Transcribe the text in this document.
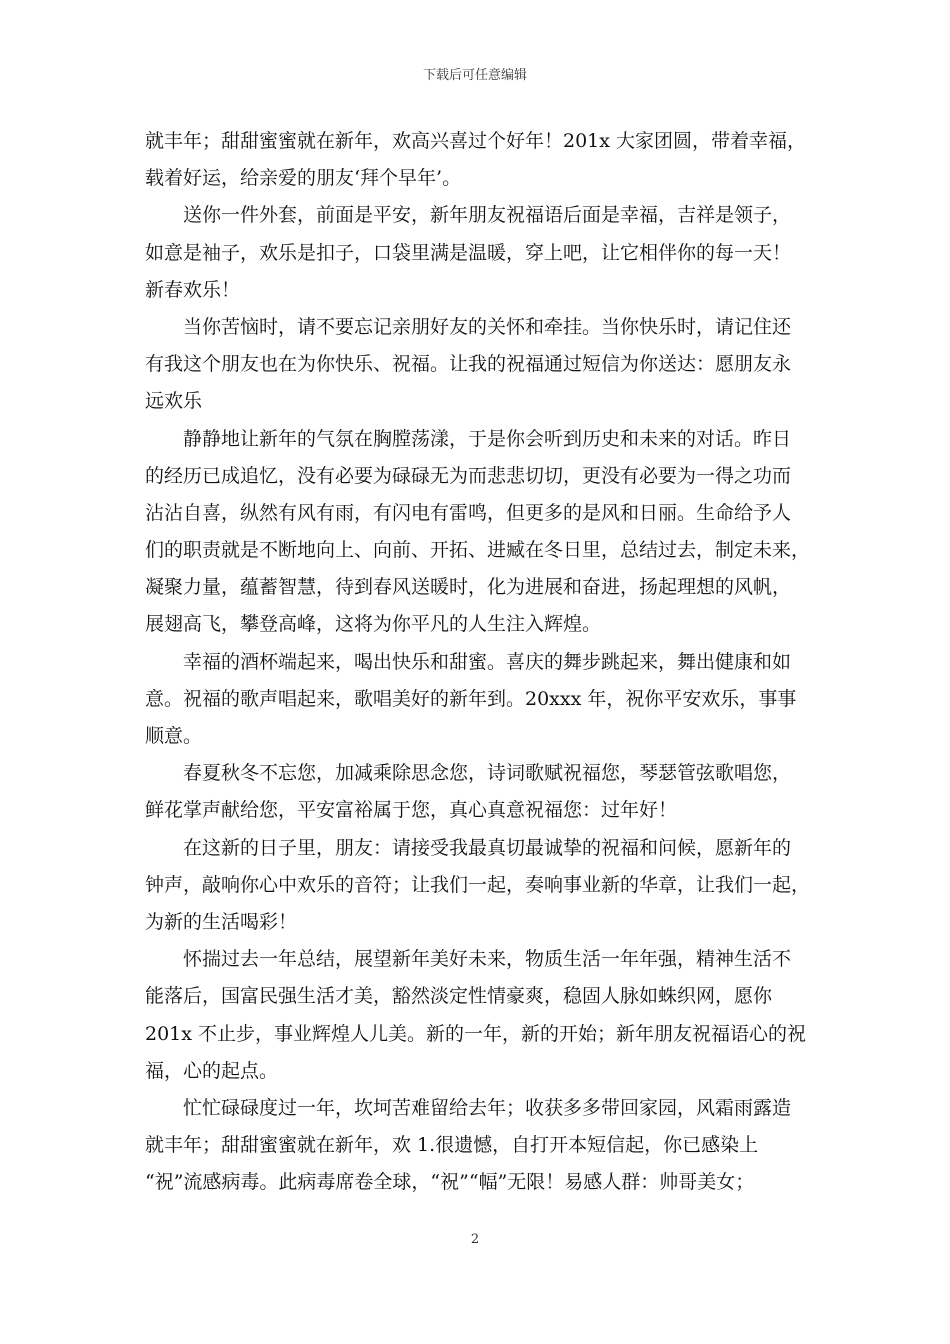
下载后可任意编辑
就丰年；甜甜蜜蜜就在新年，欢高兴喜过个好年！201x 大家团圆，带着幸福，
载着好运，给亲爱的朋友‘拜个早年’。
送你一件外套，前面是平安，新年朋友祝福语后面是幸福，吉祥是领子，
如意是袖子，欢乐是扣子，口袋里满是温暖，穿上吧，让它相伴你的每一天！
新春欢乐！
当你苦恼时，请不要忘记亲朋好友的关怀和牵挂。当你快乐时，请记住还
有我这个朋友也在为你快乐、祝福。让我的祝福通过短信为你送达：愿朋友永
远欢乐
静静地让新年的气氛在胸膛荡漾，于是你会听到历史和未来的对话。昨日
的经历已成追忆，没有必要为碌碌无为而悲悲切切，更没有必要为一得之功而
沾沾自喜，纵然有风有雨，有闪电有雷鸣，但更多的是风和日丽。生命给予人
们的职责就是不断地向上、向前、开拓、进臧在冬日里，总结过去，制定未来，
凝聚力量，蕴蓄智慧，待到春风送暖时，化为进展和奋进，扬起理想的风帆，
展翅高飞，攀登高峰，这将为你平凡的人生注入辉煌。
幸福的酒杯端起来，喝出快乐和甜蜜。喜庆的舞步跳起来，舞出健康和如
意。祝福的歌声唱起来，歌唱美好的新年到。20xxx 年，祝你平安欢乐，事事
顺意。
春夏秋冬不忘您，加减乘除思念您，诗词歌赋祝福您，琴瑟管弦歌唱您，
鲜花掌声献给您，平安富裕属于您，真心真意祝福您：过年好！
在这新的日子里，朋友：请接受我最真切最诚挚的祝福和问候，愿新年的
钟声，敲响你心中欢乐的音符；让我们一起，奏响事业新的华章，让我们一起，
为新的生活喝彩！
怀揣过去一年总结，展望新年美好未来，物质生活一年年强，精神生活不
能落后，国富民强生活才美，豁然淡定性情豪爽，稳固人脉如蛛织网，愿你
201x 不止步，事业辉煌人儿美。新的一年，新的开始；新年朋友祝福语心的祝
福，心的起点。
忙忙碌碌度过一年，坎坷苦难留给去年；收获多多带回家园，风霜雨露造
就丰年；甜甜蜜蜜就在新年，欢 1.很遗憾，自打开本短信起，你已感染上
“祝”流感病毒。此病毒席卷全球，“祝”“幅”无限！易感人群：帅哥美女；
2
